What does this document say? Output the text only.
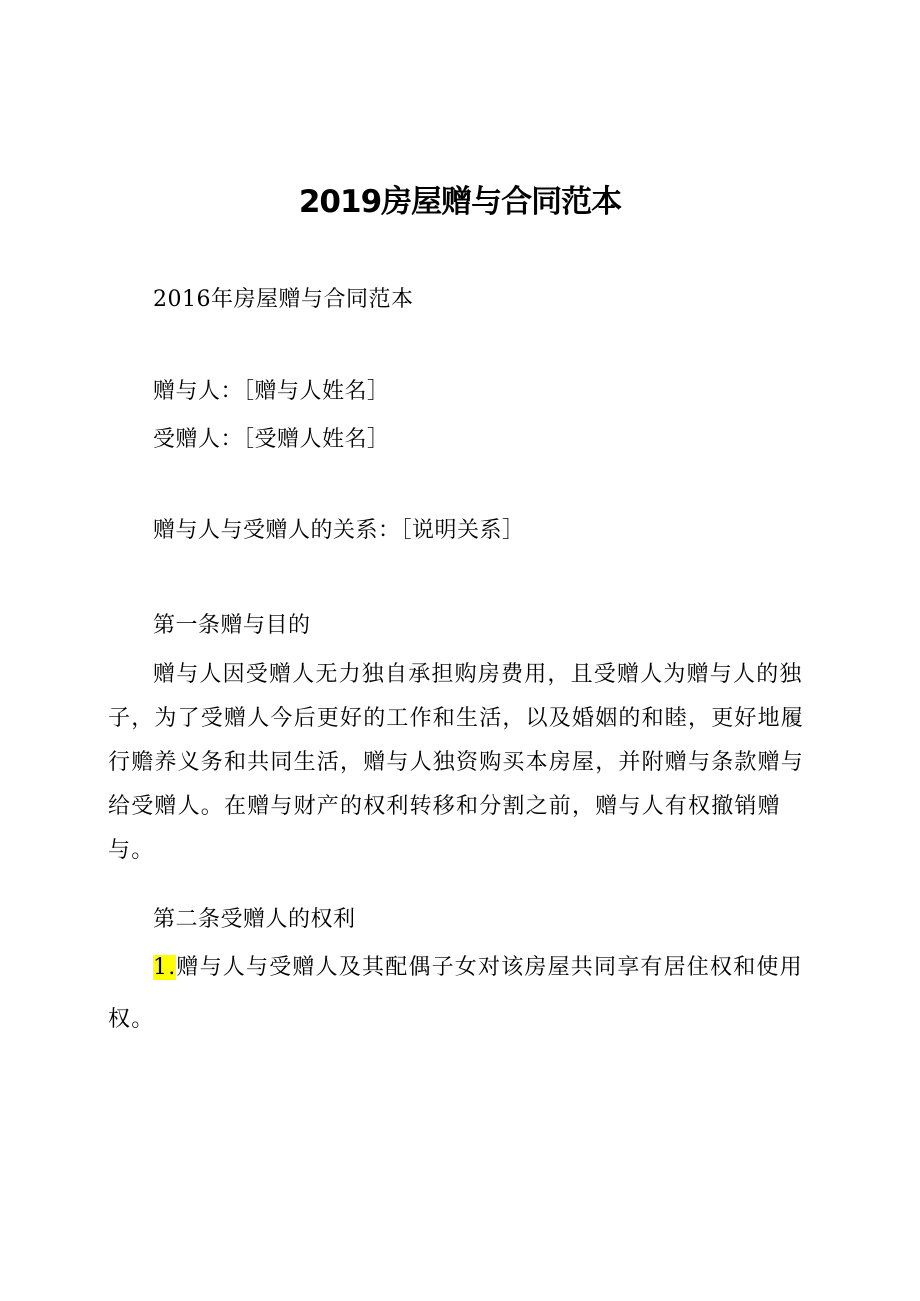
2019房屋赠与合同范本
2016年房屋赠与合同范本
赠与人：［赠与人姓名］
受赠人：［受赠人姓名］
赠与人与受赠人的关系：［说明关系］
第一条赠与目的
赠与人因受赠人无力独自承担购房费用，且受赠人为赠与人的独子，为了受赠人今后更好的工作和生活，以及婚姻的和睦，更好地履行赡养义务和共同生活，赠与人独资购买本房屋，并附赠与条款赠与给受赠人。在赠与财产的权利转移和分割之前，赠与人有权撤销赠与。
第二条受赠人的权利
1.赠与人与受赠人及其配偶子女对该房屋共同享有居住权和使用权。
